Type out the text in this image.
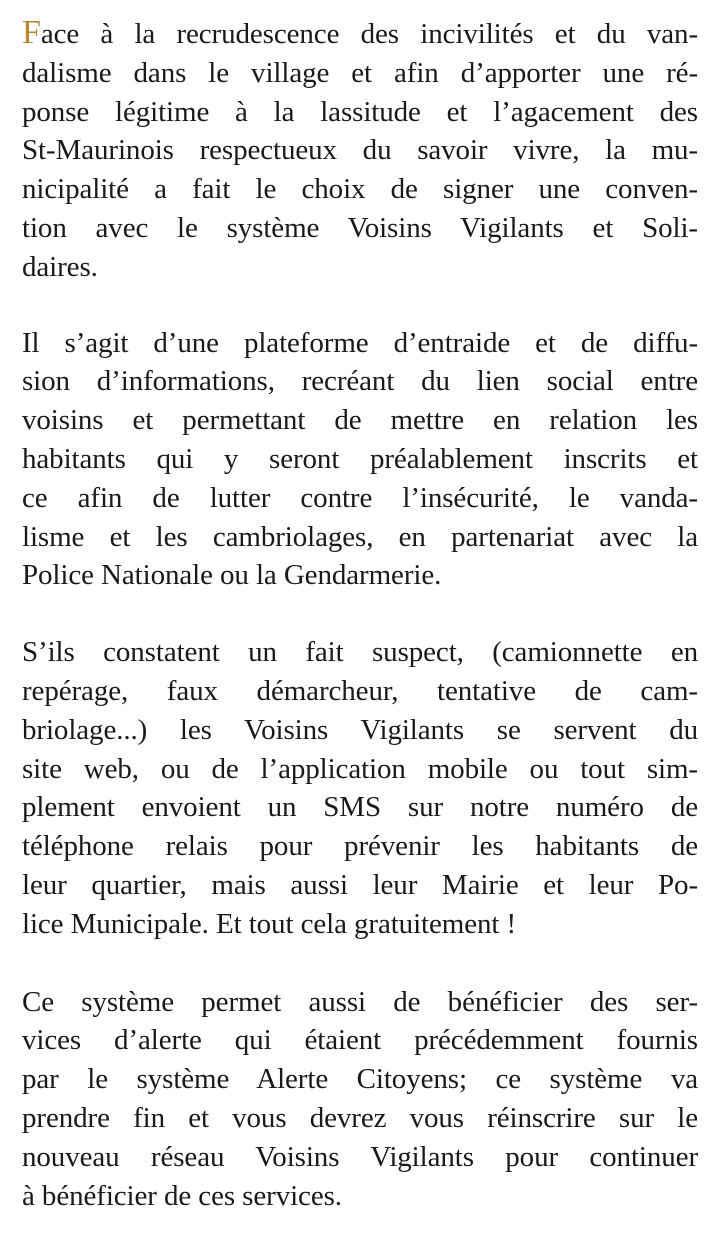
Face à la recrudescence des incivilités et du van-
dalisme dans le village et afin d’apporter une ré-
ponse légitime à la lassitude et l’agacement des
St-Maurinois respectueux du savoir vivre, la mu-
nicipalité a fait le choix de signer une conven-
tion avec le système Voisins Vigilants et Soli-
daires.

Il s’agit d’une plateforme d’entraide et de diffu-
sion d’informations, recréant du lien social entre
voisins et permettant de mettre en relation les
habitants qui y seront préalablement inscrits et
ce afin de lutter contre l’insécurité, le vanda-
lisme et les cambriolages, en partenariat avec la
Police Nationale ou la Gendarmerie.

S’ils constatent un fait suspect, (camionnette en
repérage, faux démarcheur, tentative de cam-
briolage...) les Voisins Vigilants se servent du
site web, ou de l’application mobile ou tout sim-
plement envoient un SMS sur notre numéro de
téléphone relais pour prévenir les habitants de
leur quartier, mais aussi leur Mairie et leur Po-
lice Municipale. Et tout cela gratuitement !

Ce système permet aussi de bénéficier des ser-
vices d’alerte qui étaient précédemment fournis
par le système Alerte Citoyens; ce système va
prendre fin et vous devrez vous réinscrire sur le
nouveau réseau Voisins Vigilants pour continuer
à bénéficier de ces services.
